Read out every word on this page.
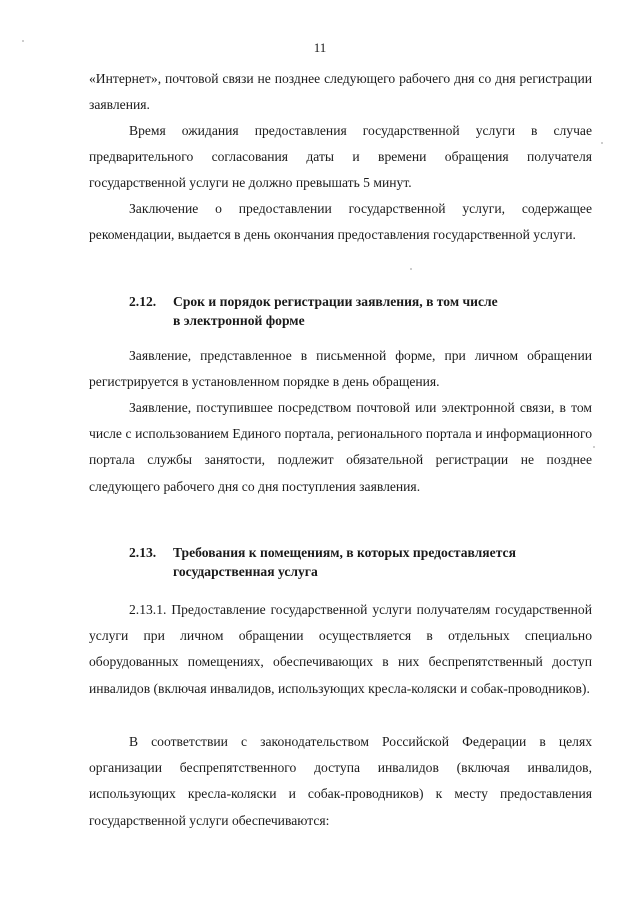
11
«Интернет», почтовой связи не позднее следующего рабочего дня со дня регистрации заявления.
Время ожидания предоставления государственной услуги в случае предварительного согласования даты и времени обращения получателя государственной услуги не должно превышать 5 минут.
Заключение о предоставлении государственной услуги, содержащее рекомендации, выдается в день окончания предоставления государственной услуги.
2.12. Срок и порядок регистрации заявления, в том числе
в электронной форме
Заявление, представленное в письменной форме, при личном обращении регистрируется в установленном порядке в день обращения.
Заявление, поступившее посредством почтовой или электронной связи, в том числе с использованием Единого портала, регионального портала и информационного портала службы занятости, подлежит обязательной регистрации не позднее следующего рабочего дня со дня поступления заявления.
2.13. Требования к помещениям, в которых предоставляется
государственная услуга
2.13.1. Предоставление государственной услуги получателям государственной услуги при личном обращении осуществляется в отдельных специально оборудованных помещениях, обеспечивающих в них беспрепятственный доступ инвалидов (включая инвалидов, использующих кресла-коляски и собак-проводников).
В соответствии с законодательством Российской Федерации в целях организации беспрепятственного доступа инвалидов (включая инвалидов, использующих кресла-коляски и собак-проводников) к месту предоставления государственной услуги обеспечиваются:
